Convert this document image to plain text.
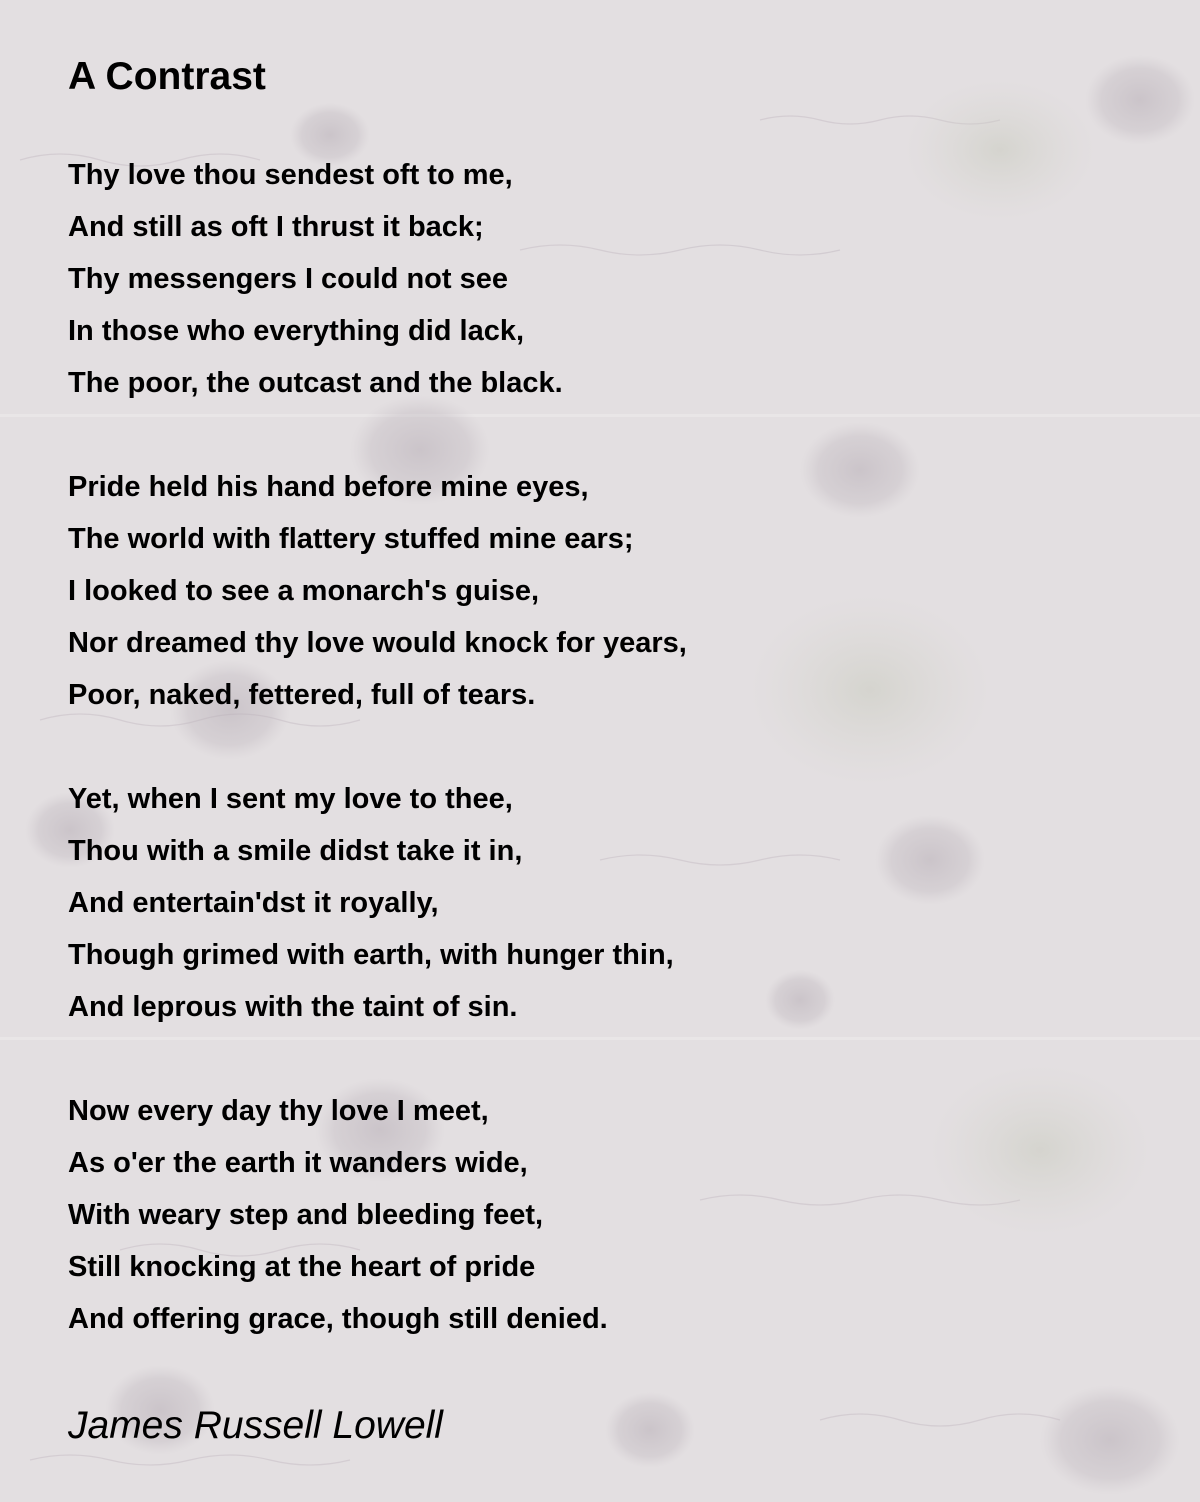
A Contrast
Thy love thou sendest oft to me,
And still as oft I thrust it back;
Thy messengers I could not see
In those who everything did lack,
The poor, the outcast and the black.
Pride held his hand before mine eyes,
The world with flattery stuffed mine ears;
I looked to see a monarch's guise,
Nor dreamed thy love would knock for years,
Poor, naked, fettered, full of tears.
Yet, when I sent my love to thee,
Thou with a smile didst take it in,
And entertain'dst it royally,
Though grimed with earth, with hunger thin,
And leprous with the taint of sin.
Now every day thy love I meet,
As o'er the earth it wanders wide,
With weary step and bleeding feet,
Still knocking at the heart of pride
And offering grace, though still denied.
James Russell Lowell
